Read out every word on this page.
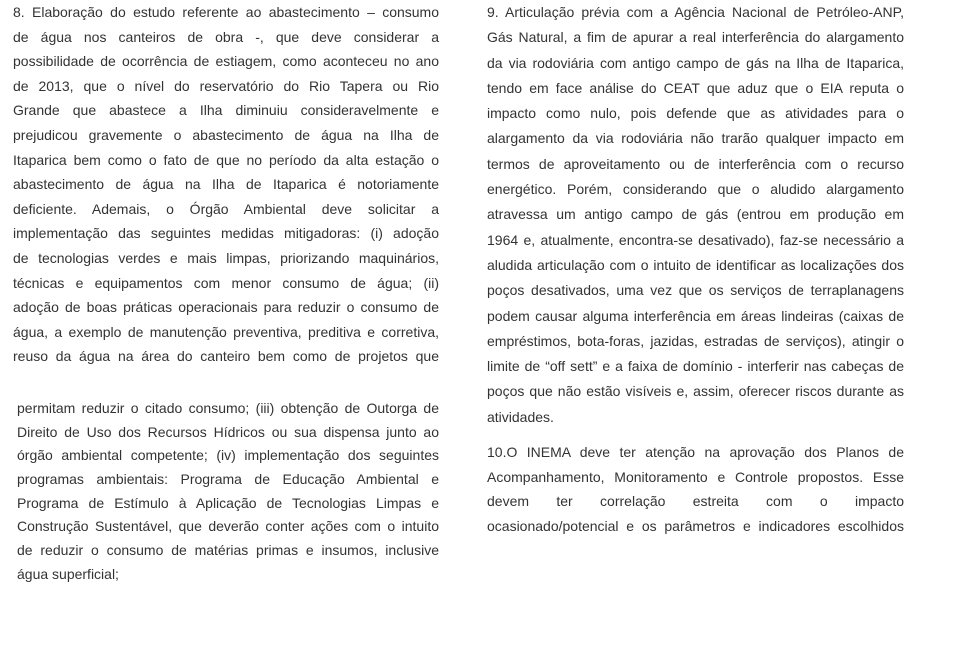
8. Elaboração do estudo referente ao abastecimento – consumo
de água nos canteiros de obra -, que deve considerar a
possibilidade de ocorrência de estiagem, como aconteceu no ano
de 2013, que o nível do reservatório do Rio Tapera ou Rio
Grande que abastece a Ilha diminuiu consideravelmente e
prejudicou gravemente o abastecimento de água na Ilha de
Itaparica bem como o fato de que no período da alta estação o
abastecimento de água na Ilha de Itaparica é notoriamente
deficiente. Ademais, o Órgão Ambiental deve solicitar a
implementação das seguintes medidas mitigadoras: (i) adoção
de tecnologias verdes e mais limpas, priorizando maquinários,
técnicas e equipamentos com menor consumo de água; (ii)
adoção de boas práticas operacionais para reduzir o consumo de
água, a exemplo de manutenção preventiva, preditiva e corretiva,
reuso da água na área do canteiro bem como de projetos que
permitam reduzir o citado consumo; (iii) obtenção de Outorga de
Direito de Uso dos Recursos Hídricos ou sua dispensa junto ao
órgão ambiental competente; (iv) implementação dos seguintes
programas ambientais: Programa de Educação Ambiental e
Programa de Estímulo à Aplicação de Tecnologias Limpas e
Construção Sustentável, que deverão conter ações com o intuito
de reduzir o consumo de matérias primas e insumos, inclusive
água superficial;
9. Articulação prévia com a Agência Nacional de Petróleo-ANP,
Gás Natural, a fim de apurar a real interferência do alargamento
da via rodoviária com antigo campo de gás na Ilha de Itaparica,
tendo em face análise do CEAT que aduz que o EIA reputa o
impacto como nulo, pois defende que as atividades para o
alargamento da via rodoviária não trarão qualquer impacto em
termos de aproveitamento ou de interferência com o recurso
energético. Porém, considerando que o aludido alargamento
atravessa um antigo campo de gás (entrou em produção em
1964 e, atualmente, encontra-se desativado), faz-se necessário a
aludida articulação com o intuito de identificar as localizações dos
poços desativados, uma vez que os serviços de terraplanagens
podem causar alguma interferência em áreas lindeiras (caixas de
empréstimos, bota-foras, jazidas, estradas de serviços), atingir o
limite de “off sett” e a faixa de domínio - interferir nas cabeças de
poços que não estão visíveis e, assim, oferecer riscos durante as
atividades.
10.O INEMA deve ter atenção na aprovação dos Planos de
Acompanhamento, Monitoramento e Controle propostos. Esse
devem ter correlação estreita com o impacto
ocasionado/potencial e os parâmetros e indicadores escolhidos
